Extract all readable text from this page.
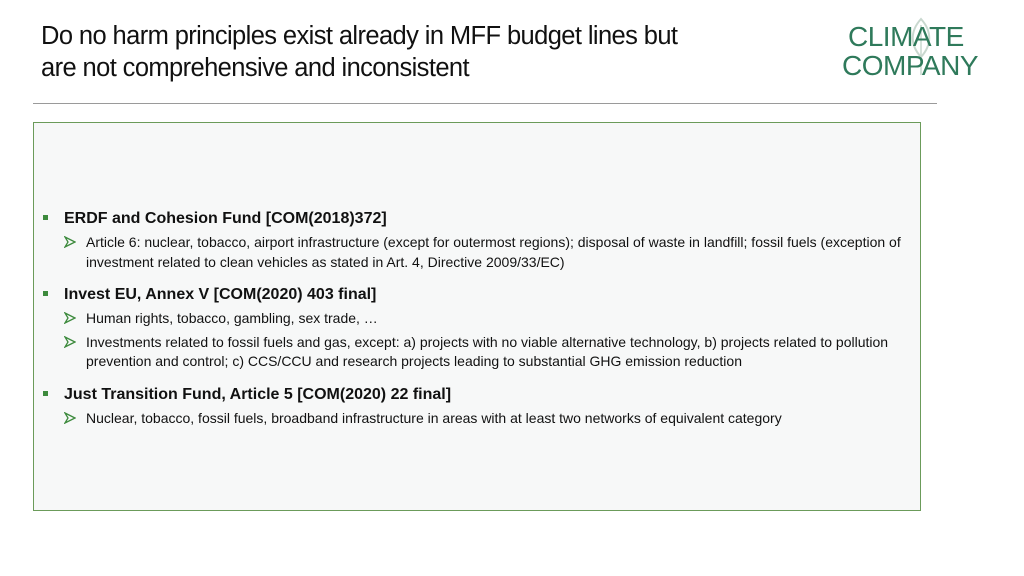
Do no harm principles exist already in MFF budget lines but
are not comprehensive and inconsistent
CLIMATE
COMPANY
ERDF and Cohesion Fund [COM(2018)372]
Article 6: nuclear, tobacco, airport infrastructure (except for outermost regions); disposal of waste in landfill; fossil fuels (exception of investment related to clean vehicles as stated in Art. 4, Directive 2009/33/EC)
Invest EU, Annex V [COM(2020) 403 final]
Human rights, tobacco, gambling, sex trade, …
Investments related to fossil fuels and gas, except: a) projects with no viable alternative technology, b) projects related to pollution prevention and control; c) CCS/CCU and research projects leading to substantial GHG emission reduction
Just Transition Fund, Article 5 [COM(2020) 22 final]
Nuclear, tobacco, fossil fuels, broadband infrastructure in areas with at least two networks of equivalent category
